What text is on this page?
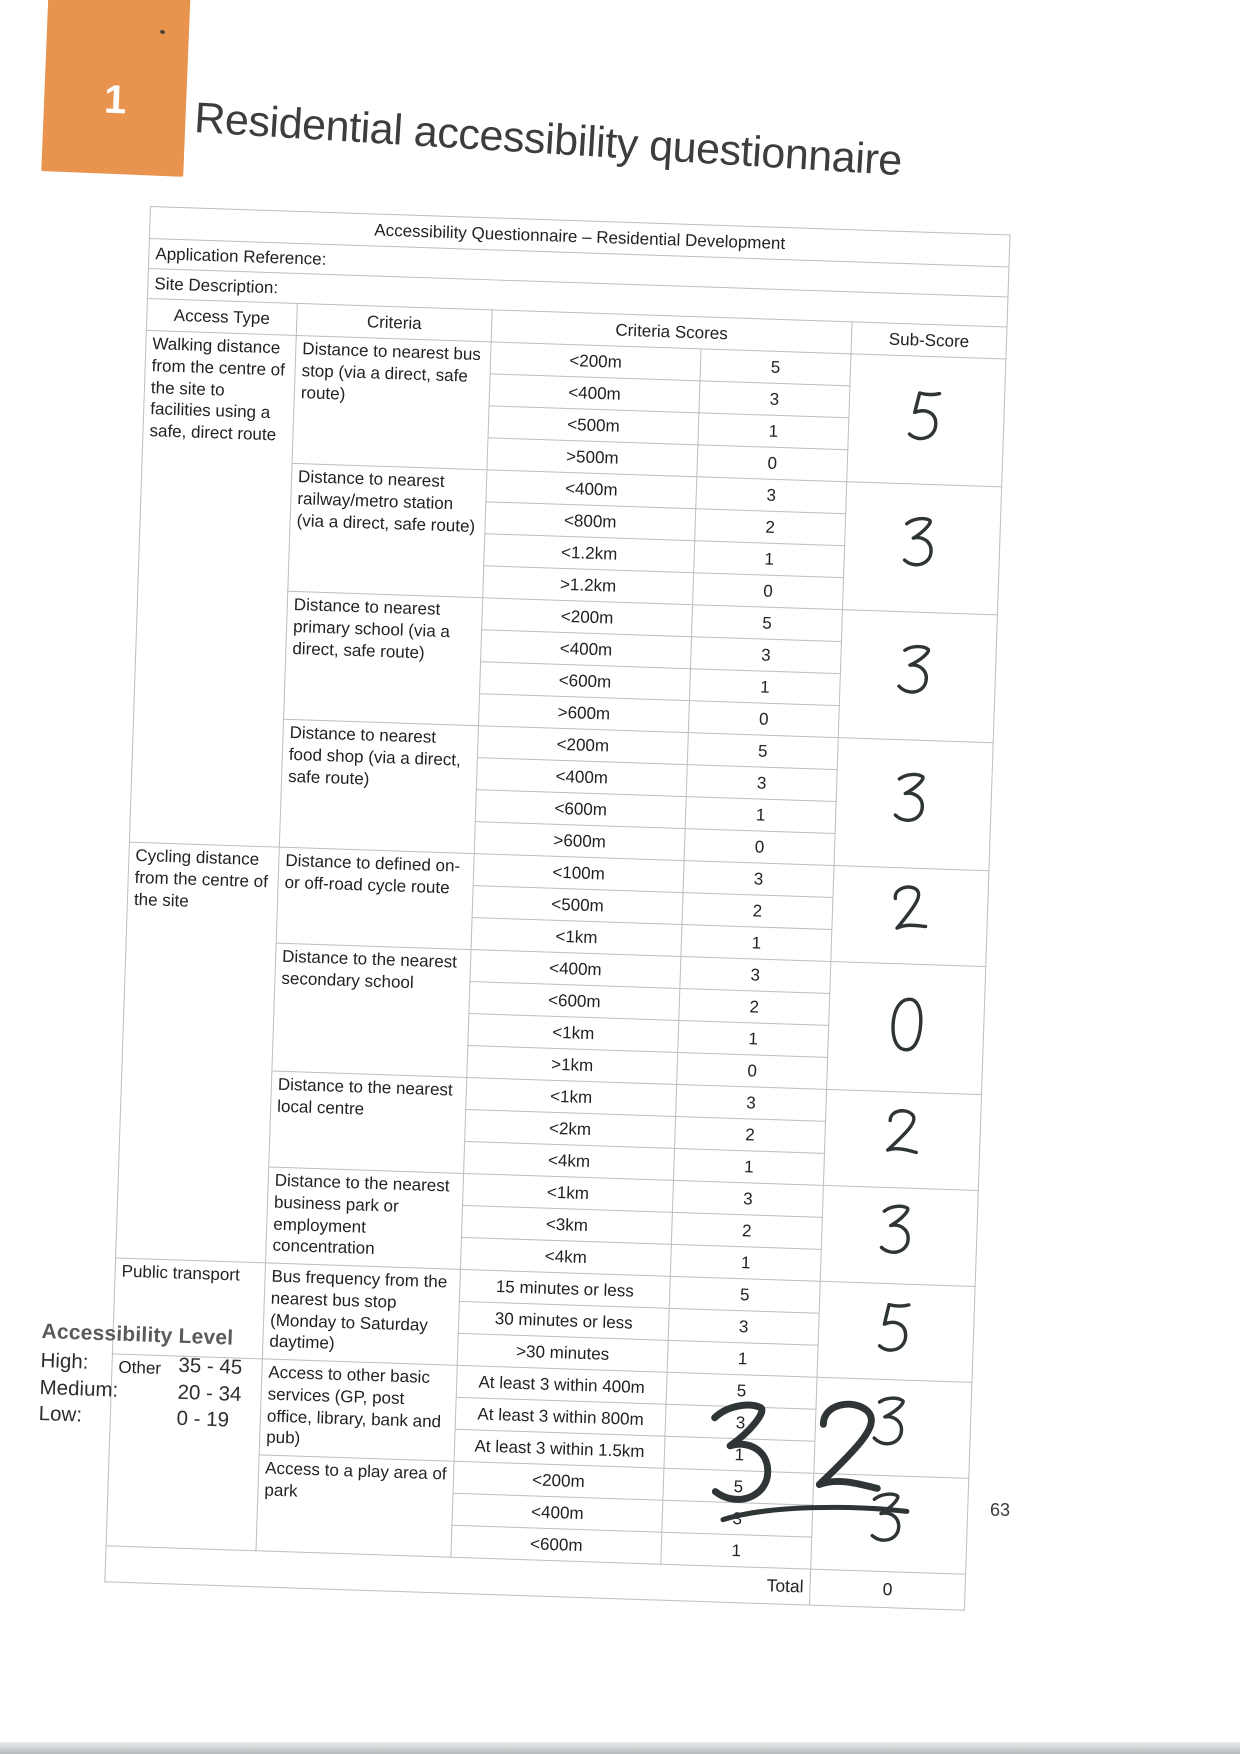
1 Residential accessibility questionnaire
Accessibility Questionnaire – Residential Development				
Application Reference:				
Site Description:				
Access Type	Criteria	Criteria Scores		Sub-Score
Walking distance from the centre of the site to facilities using a safe, direct route	Distance to nearest bus stop (via a direct, safe route)	<200m	5	
		<400m	3	
		<500m	1	
		>500m	0	
	Distance to nearest railway/metro station (via a direct, safe route)	<400m	3	
		<800m	2	
		<1.2km	1	
		>1.2km	0	
	Distance to nearest primary school (via a direct, safe route)	<200m	5	
		<400m	3	
		<600m	1	
		>600m	0	
	Distance to nearest food shop (via a direct, safe route)	<200m	5	
		<400m	3	
		<600m	1	
		>600m	0	
Cycling distance from the centre of the site	Distance to defined on- or off-road cycle route	<100m	3	
		<500m	2	
		<1km	1	
	Distance to the nearest secondary school	<400m	3	
		<600m	2	
		<1km	1	
		>1km	0	
	Distance to the nearest local centre	<1km	3	
		<2km	2	
		<4km	1	
	Distance to the nearest business park or employment concentration	<1km	3	
		<3km	2	
		<4km	1	
Public transport	Bus frequency from the nearest bus stop (Monday to Saturday daytime)	15 minutes or less	5	
		30 minutes or less	3	
		>30 minutes	1	
Other	Access to other basic services (GP, post office, library, bank and pub)	At least 3 within 400m	5	
		At least 3 within 800m	3	
		At least 3 within 1.5km	1	
	Access to a play area of park	<200m	5	
		<400m	3	
		<600m	1	
Total				0
Accessibility Level
High:	35 - 45
Medium:	20 - 34
Low:	0 - 19
63
